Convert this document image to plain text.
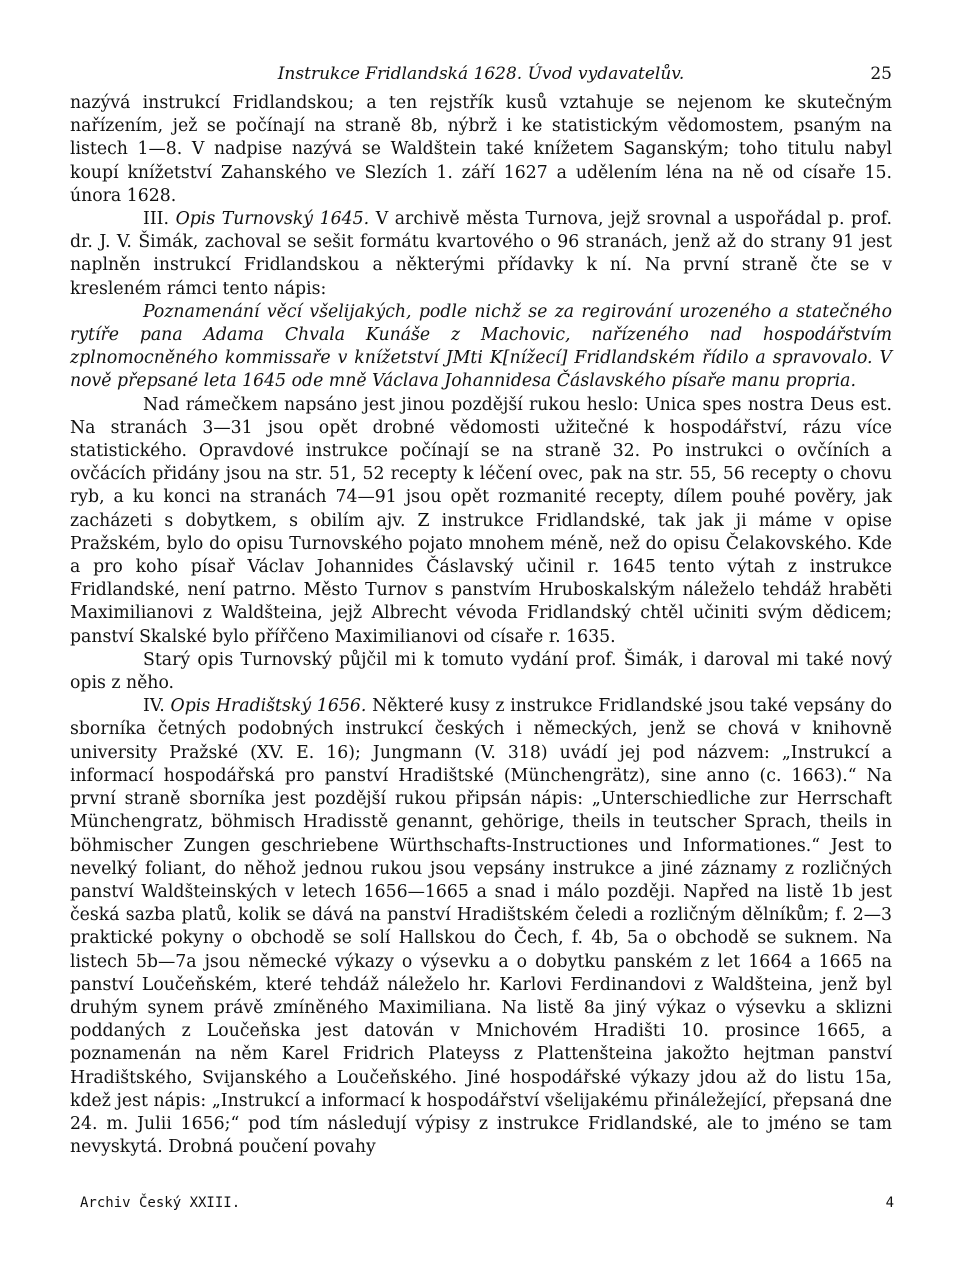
Instrukce Fridlandská 1628. Úvod vydavatelův.	25

nazývá instrukcí Fridlandskou; a ten rejstřík kusů vztahuje se nejenom ke skutečným nařízením, jež se počínají na straně 8b, nýbrž i ke statistickým vědomostem, psaným na listech 1—8. V nadpise nazývá se Waldštein také knížetem Saganským; toho titulu nabyl koupí knížetství Zahanského ve Slezích 1. září 1627 a udělením léna na ně od císaře 15. února 1628.

III. Opis Turnovský 1645. V archivě města Turnova, jejž srovnal a uspořádal p. prof. dr. J. V. Šimák, zachoval se sešit formátu kvartového o 96 stranách, jenž až do strany 91 jest naplněn instrukcí Fridlandskou a některými přídavky k ní. Na první straně čte se v kresleném rámci tento nápis:

Poznamenání věcí všelijakých, podle nichž se za regirování urozeného a statečného rytíře pana Adama Chvala Kunáše z Machovic, nařízeného nad hospodářstvím zplnomocněného kommissaře v knížetství JMti K[nížecí] Fridlandském řídilo a spravovalo. V nově přepsané leta 1645 ode mně Václava Johannidesa Čáslavského písaře manu propria.

Nad rámečkem napsáno jest jinou pozdější rukou heslo: Unica spes nostra Deus est. Na stranách 3—31 jsou opět drobné vědomosti užitečné k hospodářství, rázu více statistického. Opravdové instrukce počínají se na straně 32. Po instrukci o ovčíních a ovčácích přidány jsou na str. 51, 52 recepty k léčení ovec, pak na str. 55, 56 recepty o chovu ryb, a ku konci na stranách 74—91 jsou opět rozmanité recepty, dílem pouhé pověry, jak zacházeti s dobytkem, s obilím ajv. Z instrukce Fridlandské, tak jak ji máme v opise Pražském, bylo do opisu Turnovského pojato mnohem méně, než do opisu Čelakovského. Kde a pro koho písař Václav Johannides Čáslavský učinil r. 1645 tento výtah z instrukce Fridlandské, není patrno. Město Turnov s panstvím Hruboskalským náleželo tehdáž hraběti Maximilianovi z Waldšteina, jejž Albrecht vévoda Fridlandský chtěl učiniti svým dědicem; panství Skalské bylo přířčeno Maximilianovi od císaře r. 1635.

Starý opis Turnovský půjčil mi k tomuto vydání prof. Šimák, i daroval mi také nový opis z něho.

IV. Opis Hradištský 1656. Některé kusy z instrukce Fridlandské jsou také vepsány do sborníka četných podobných instrukcí českých i německých, jenž se chová v knihovně university Pražské (XV. E. 16); Jungmann (V. 318) uvádí jej pod názvem: „Instrukcí a informací hospodářská pro panství Hradištské (Münchengrätz), sine anno (c. 1663).“ Na první straně sborníka jest pozdější rukou připsán nápis: „Unterschiedliche zur Herrschaft Münchengratz, böhmisch Hradisstě genannt, gehörige, theils in teutscher Sprach, theils in böhmischer Zungen geschriebene Würthschafts-Instructiones und Informationes.“ Jest to nevelký foliant, do něhož jednou rukou jsou vepsány instrukce a jiné záznamy z rozličných panství Waldšteinských v letech 1656—1665 a snad i málo později. Napřed na listě 1b jest česká sazba platů, kolik se dává na panství Hradištském čeledi a rozličným dělníkům; f. 2—3 praktické pokyny o obchodě se solí Hallskou do Čech, f. 4b, 5a o obchodě se suknem. Na listech 5b—7a jsou německé výkazy o výsevku a o dobytku panském z let 1664 a 1665 na panství Loučeňském, které tehdáž náleželo hr. Karlovi Ferdinandovi z Waldšteina, jenž byl druhým synem právě zmíněného Maximiliana. Na listě 8a jiný výkaz o výsevku a sklizni poddaných z Loučeňska jest datován v Mnichovém Hradišti 10. prosince 1665, a poznamenán na něm Karel Fridrich Plateyss z Plattenšteina jakožto hejtman panství Hradištského, Svijanského a Loučeňského. Jiné hospodářské výkazy jdou až do listu 15a, kdež jest nápis: „Instrukcí a informací k hospodářství všelijakému přináležející, přepsaná dne 24. m. Julii 1656;“ pod tím následují výpisy z instrukce Fridlandské, ale to jméno se tam nevyskytá. Drobná poučení povahy

Archiv Český XXIII.	4
